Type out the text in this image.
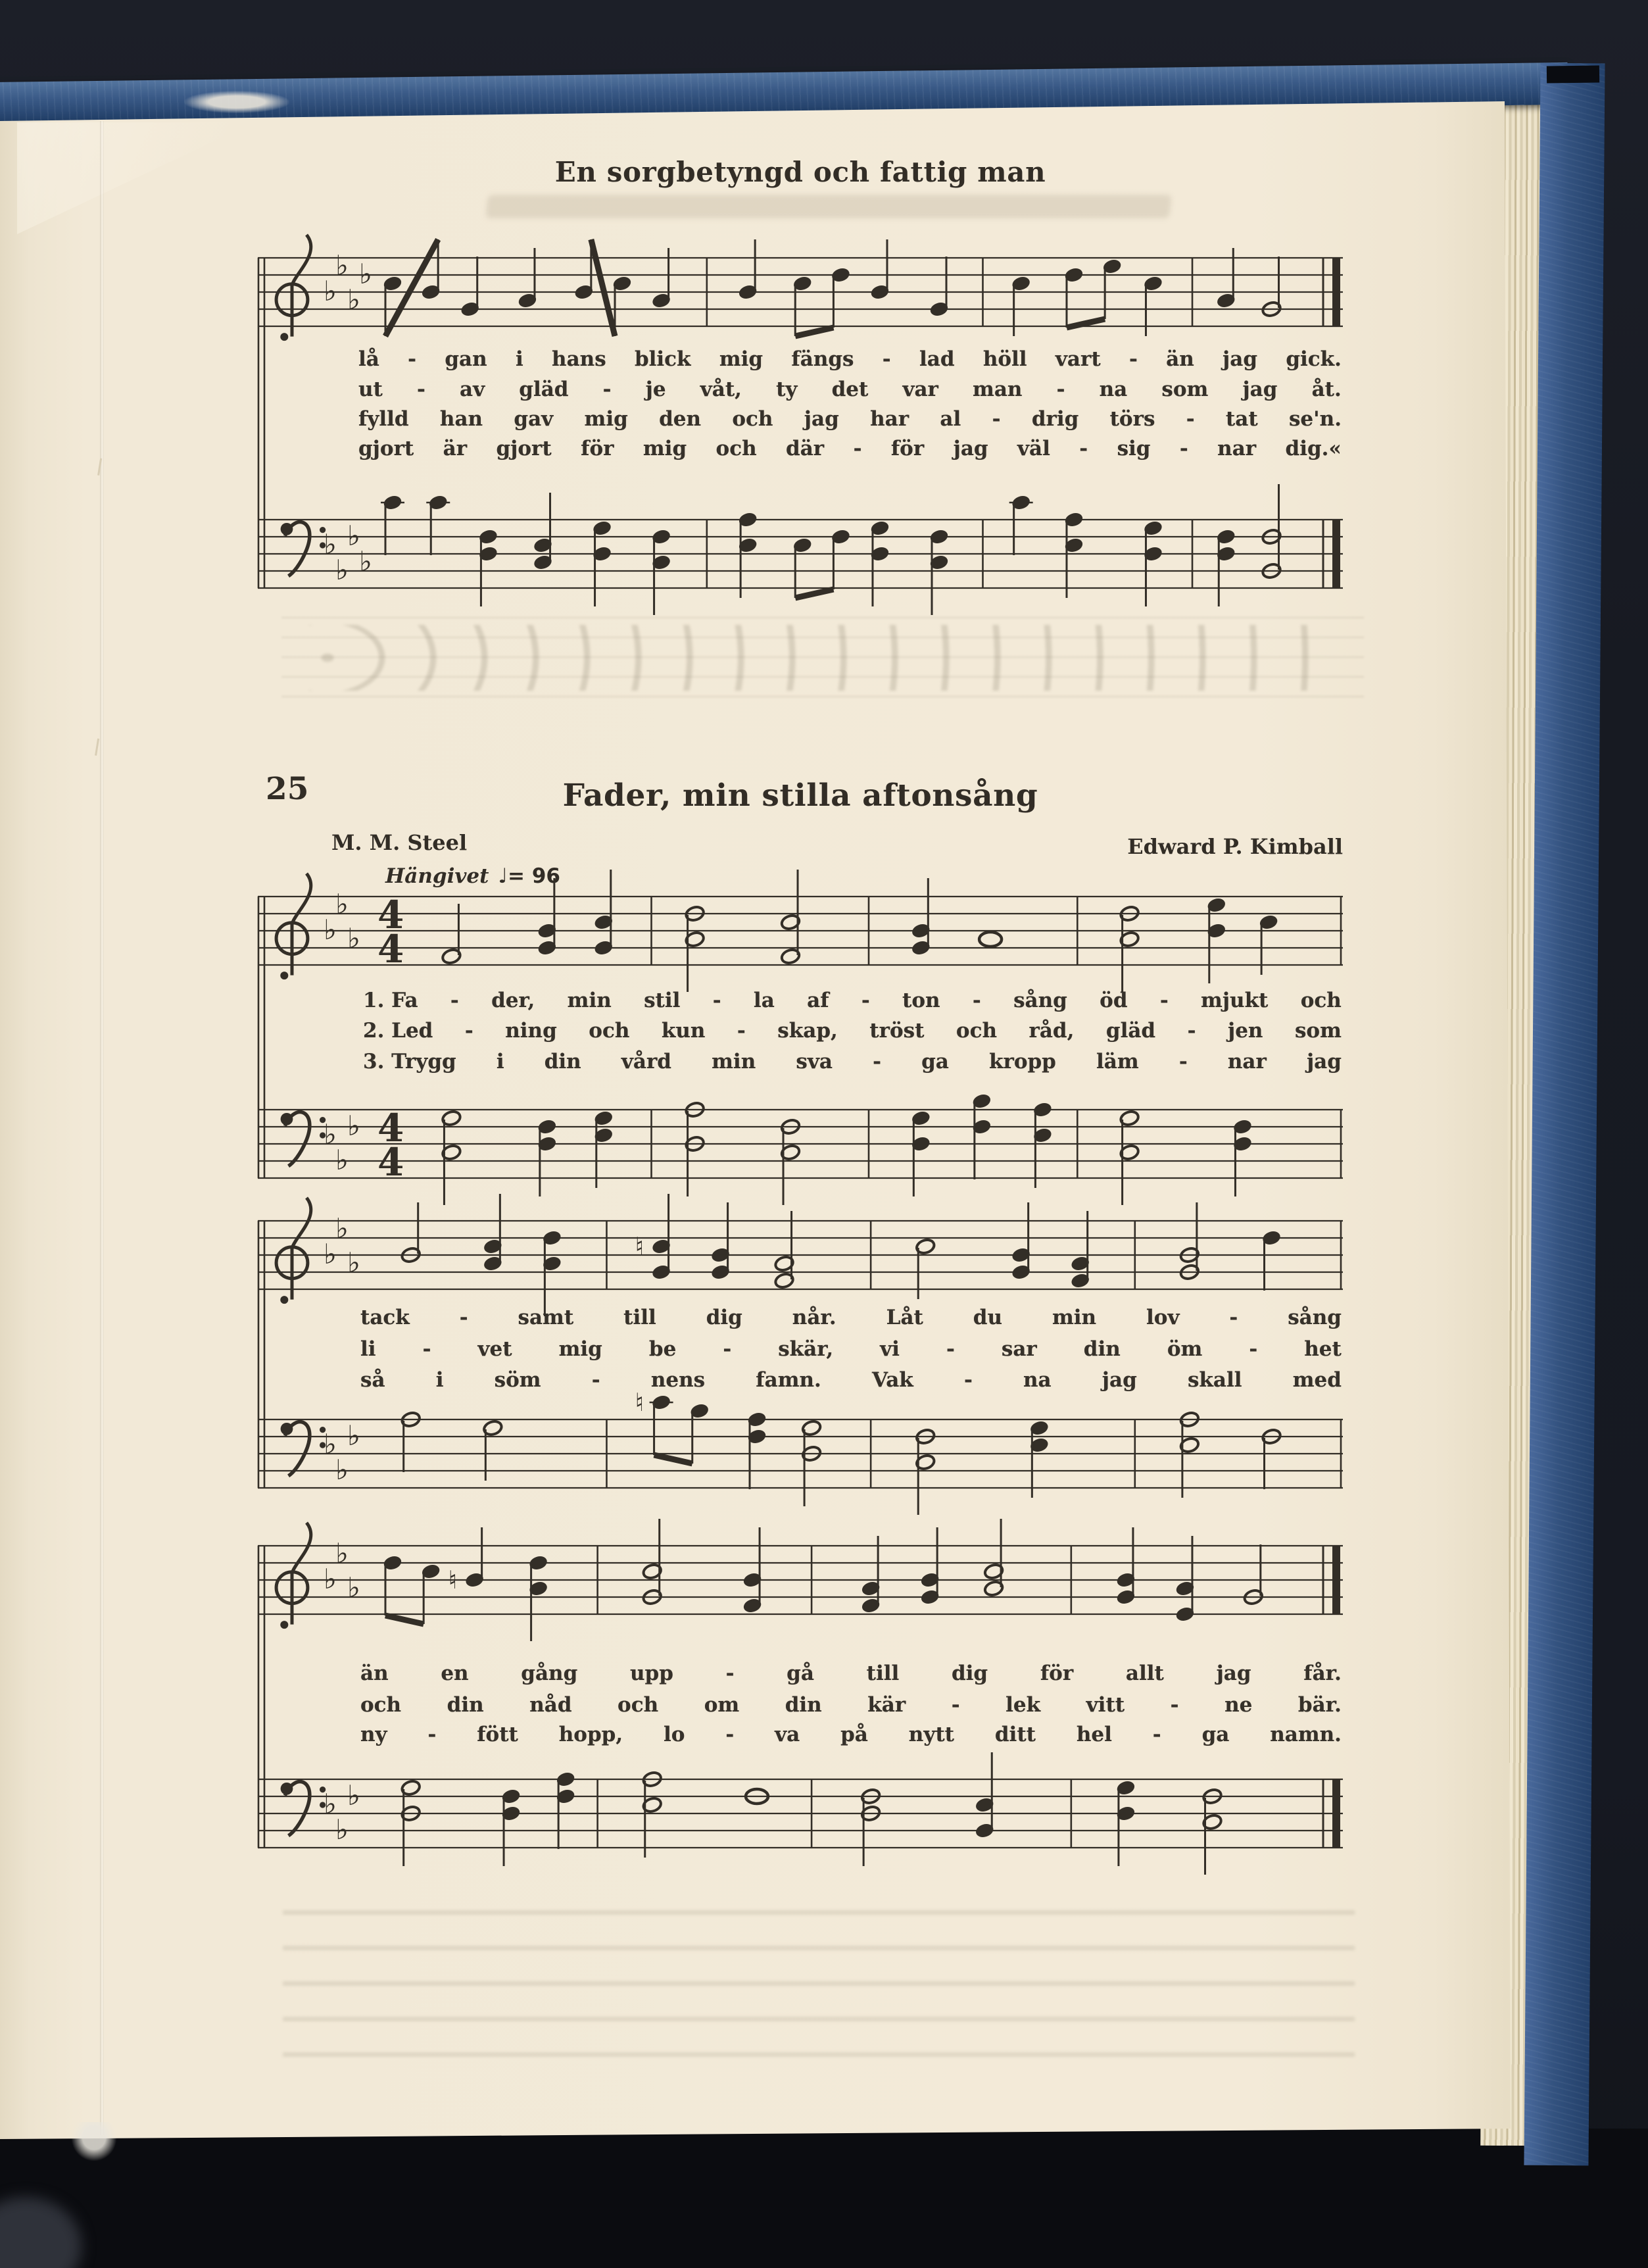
En sorgbetyngd och fattig man
25	Fader, min stilla aftonsång
M. M. Steel	Edward P. Kimball
Hängivet ♩= 96
lå - gan i hans blick mig fängs - lad höll vart - än jag gick.
ut - av gläd - je våt, ty det var man - na som jag åt.
fylld han gav mig den och jag har al - drig törs - tat se'n.
gjort är gjort för mig och där - för jag väl - sig - nar dig.«
1. Fa - der, min stil - la af - ton - sång öd - mjukt och
2. Led - ning och kun - skap, tröst och råd, gläd - jen som
3. Trygg i din vård min sva - ga kropp läm - nar jag
tack - samt till dig når. Låt du min lov - sång
li - vet mig be - skär, vi - sar din öm - het
så i söm - nens famn. Vak - na jag skall med
än	en	gång	upp	-	gå	till	dig	för	allt	jag	får.
och din nåd och om din kär - lek vitt - ne bär.
ny - fött hopp, lo - va på nytt ditt hel - ga namn.
♭
♭
♭
♭
♭
♭
♭
♭
♭
♭
♭
4
4
♭
♭
♭ 4
4
♭
♭
♭	♮
♭
♭
♭
♮
♭
♭
♭	♮
♭
♭
♭
